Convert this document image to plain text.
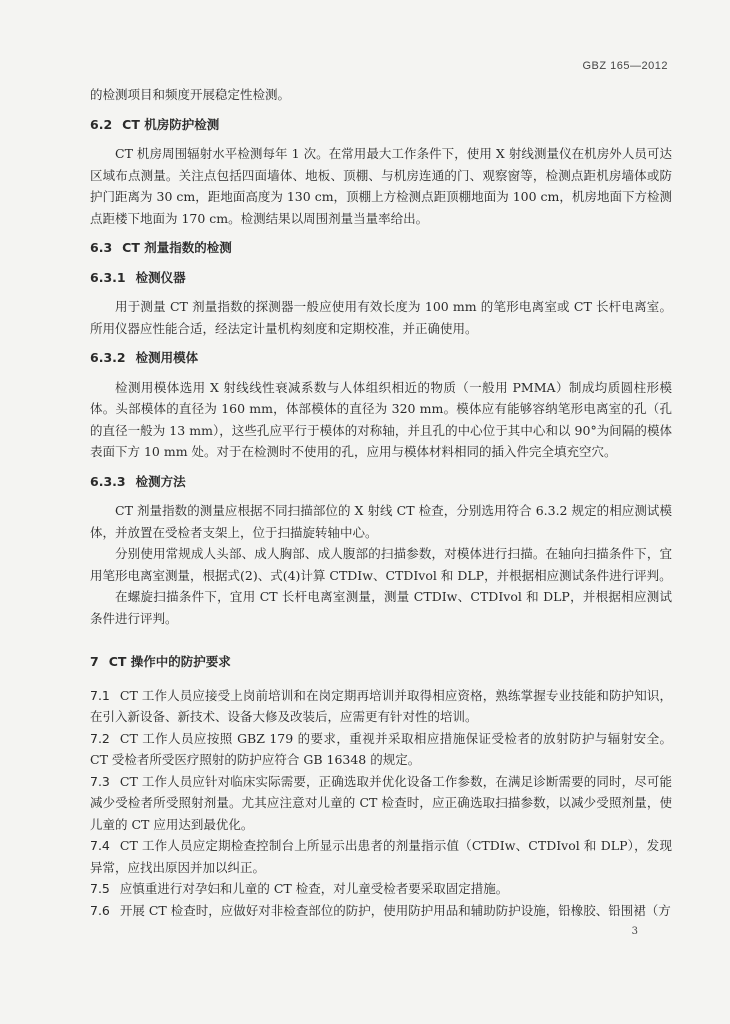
GBZ 165—2012

的检测项目和频度开展稳定性检测。

6.2 CT 机房防护检测

CT 机房周围辐射水平检测每年 1 次。在常用最大工作条件下，使用 X 射线测量仪在机房外人员可达区域布点测量。关注点包括四面墙体、地板、顶棚、与机房连通的门、观察窗等，检测点距机房墙体或防护门距离为 30 cm，距地面高度为 130 cm，顶棚上方检测点距顶棚地面为 100 cm，机房地面下方检测点距楼下地面为 170 cm。检测结果以周围剂量当量率给出。

6.3 CT 剂量指数的检测

6.3.1 检测仪器

用于测量 CT 剂量指数的探测器一般应使用有效长度为 100 mm 的笔形电离室或 CT 长杆电离室。所用仪器应性能合适，经法定计量机构刻度和定期校准，并正确使用。

6.3.2 检测用模体

检测用模体选用 X 射线线性衰减系数与人体组织相近的物质（一般用 PMMA）制成均质圆柱形模体。头部模体的直径为 160 mm，体部模体的直径为 320 mm。模体应有能够容纳笔形电离室的孔（孔的直径一般为 13 mm），这些孔应平行于模体的对称轴，并且孔的中心位于其中心和以 90°为间隔的模体表面下方 10 mm 处。对于在检测时不使用的孔，应用与模体材料相同的插入件完全填充空穴。

6.3.3 检测方法

CT 剂量指数的测量应根据不同扫描部位的 X 射线 CT 检查，分别选用符合 6.3.2 规定的相应测试模体，并放置在受检者支架上，位于扫描旋转轴中心。

分别使用常规成人头部、成人胸部、成人腹部的扫描参数，对模体进行扫描。在轴向扫描条件下，宜用笔形电离室测量，根据式(2)、式(4)计算 CTDIw、CTDIvol 和 DLP，并根据相应测试条件进行评判。

在螺旋扫描条件下，宜用 CT 长杆电离室测量，测量 CTDIw、CTDIvol 和 DLP，并根据相应测试条件进行评判。

7 CT 操作中的防护要求

7.1 CT 工作人员应接受上岗前培训和在岗定期再培训并取得相应资格，熟练掌握专业技能和防护知识，在引入新设备、新技术、设备大修及改装后，应需更有针对性的培训。

7.2 CT 工作人员应按照 GBZ 179 的要求，重视并采取相应措施保证受检者的放射防护与辐射安全。CT 受检者所受医疗照射的防护应符合 GB 16348 的规定。

7.3 CT 工作人员应针对临床实际需要，正确选取并优化设备工作参数，在满足诊断需要的同时，尽可能减少受检者所受照射剂量。尤其应注意对儿童的 CT 检查时，应正确选取扫描参数，以减少受照剂量，使儿童的 CT 应用达到最优化。

7.4 CT 工作人员应定期检查控制台上所显示出患者的剂量指示值（CTDIw、CTDIvol 和 DLP），发现异常，应找出原因并加以纠正。

7.5 应慎重进行对孕妇和儿童的 CT 检查，对儿童受检者要采取固定措施。

7.6 开展 CT 检查时，应做好对非检查部位的防护，使用防护用品和辅助防护设施，铅橡胶、铅围裙（方

3
